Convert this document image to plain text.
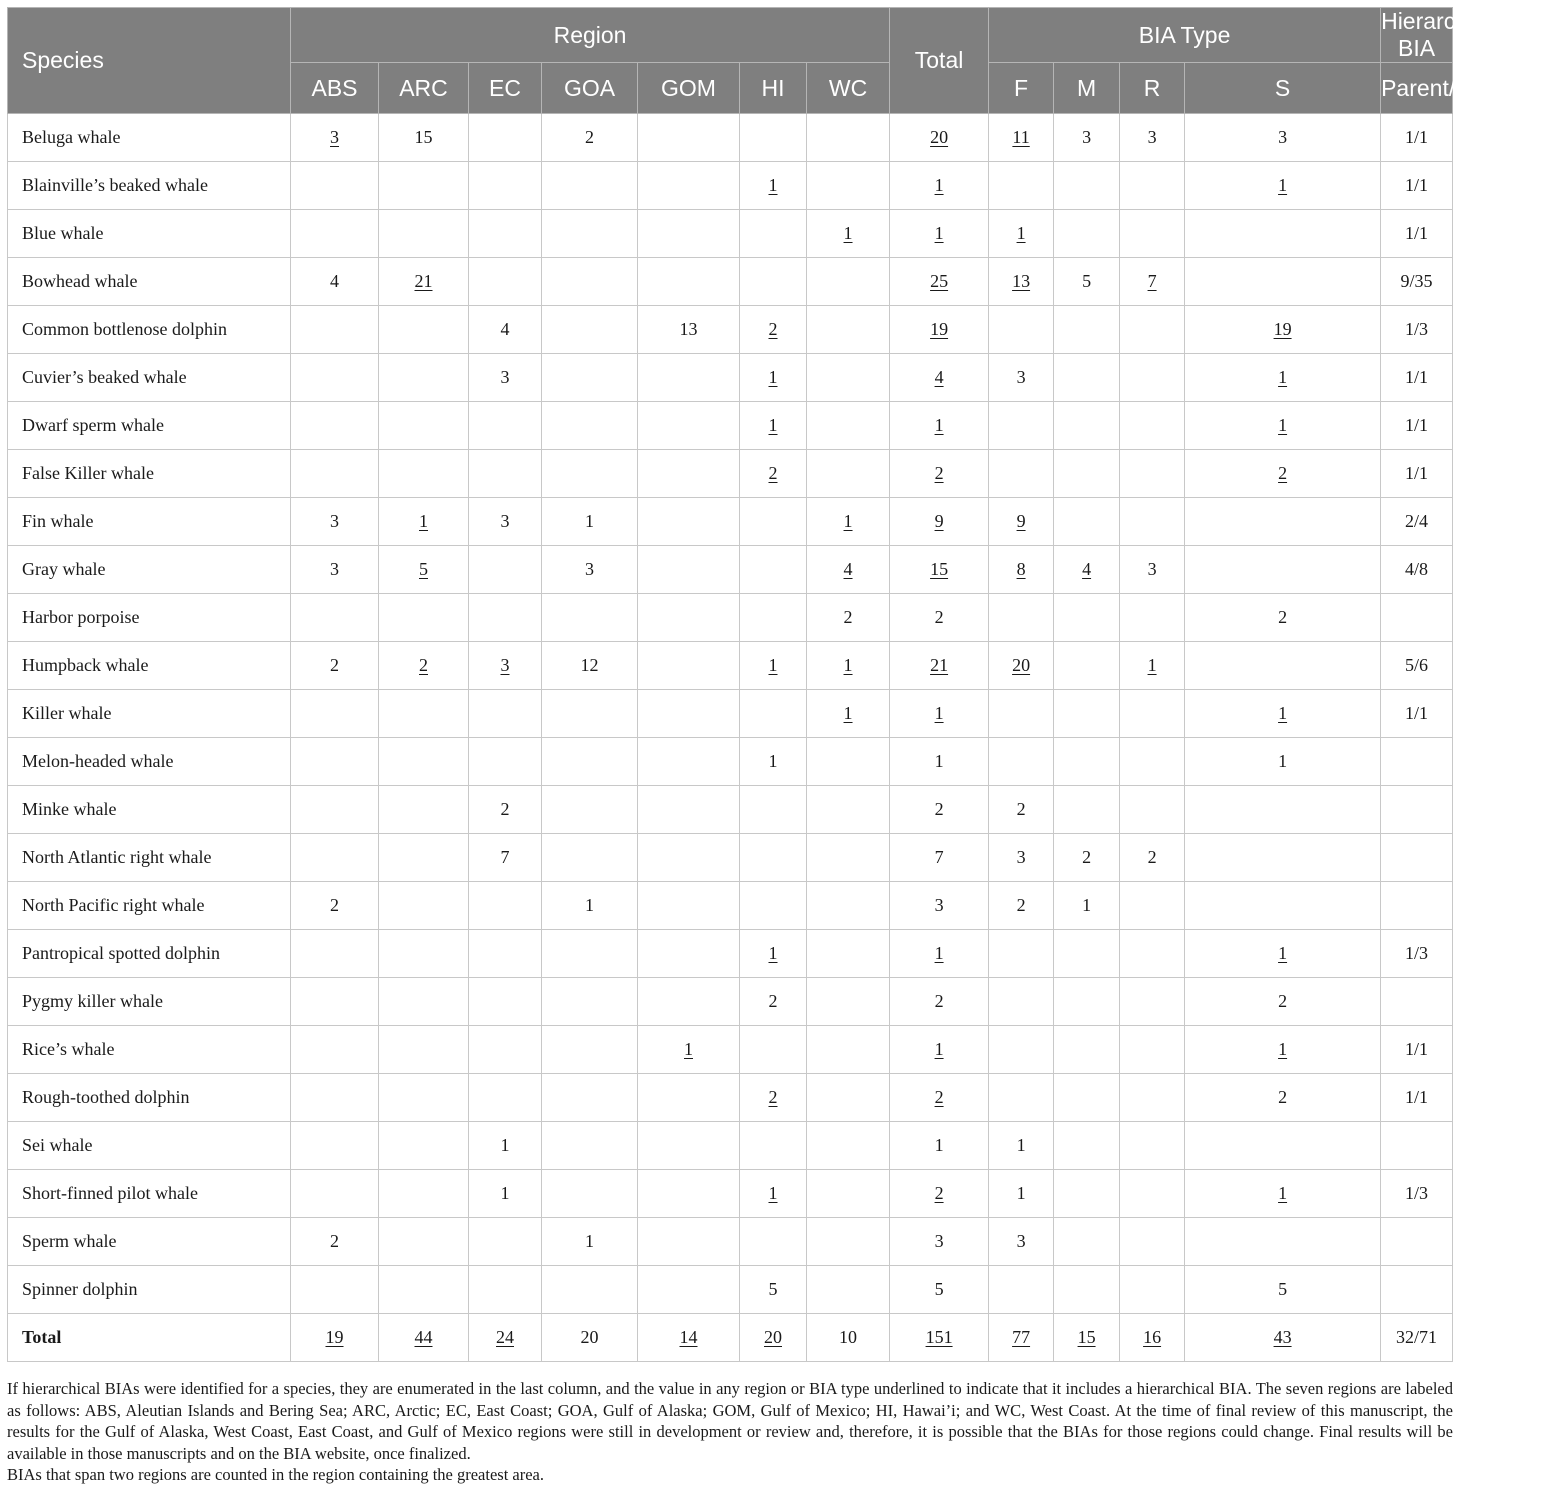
Species	Region							Total	BIA Type				Hierarchical BIA
	ABS	ARC	EC	GOA	GOM	HI	WC		F	M	R	S	Parent/Children
Beluga whale	3	15		2				20	11	3	3	3	1/1
Blainville’s beaked whale						1		1				1	1/1
Blue whale							1	1	1				1/1
Bowhead whale	4	21						25	13	5	7		9/35
Common bottlenose dolphin			4		13	2		19				19	1/3
Cuvier’s beaked whale			3			1		4	3			1	1/1
Dwarf sperm whale						1		1				1	1/1
False Killer whale						2		2				2	1/1
Fin whale	3	1	3	1			1	9	9				2/4
Gray whale	3	5		3			4	15	8	4	3		4/8
Harbor porpoise							2	2				2	
Humpback whale	2	2	3	12		1	1	21	20		1		5/6
Killer whale							1	1				1	1/1
Melon-headed whale						1		1				1	
Minke whale			2					2	2				
North Atlantic right whale			7					7	3	2	2		
North Pacific right whale	2			1				3	2	1			
Pantropical spotted dolphin						1		1				1	1/3
Pygmy killer whale						2		2				2	
Rice’s whale					1			1				1	1/1
Rough-toothed dolphin						2		2				2	1/1
Sei whale			1					1	1				
Short-finned pilot whale			1			1		2	1			1	1/3
Sperm whale	2			1				3	3				
Spinner dolphin						5		5				5	
Total	19	44	24	20	14	20	10	151	77	15	16	43	32/71

If hierarchical BIAs were identified for a species, they are enumerated in the last column, and the value in any region or BIA type underlined to indicate that it includes a hierarchical BIA. The seven regions are labeled as follows: ABS, Aleutian Islands and Bering Sea; ARC, Arctic; EC, East Coast; GOA, Gulf of Alaska; GOM, Gulf of Mexico; HI, Hawai’i; and WC, West Coast. At the time of final review of this manuscript, the results for the Gulf of Alaska, West Coast, East Coast, and Gulf of Mexico regions were still in development or review and, therefore, it is possible that the BIAs for those regions could change. Final results will be available in those manuscripts and on the BIA website, once finalized.

BIAs that span two regions are counted in the region containing the greatest area.
